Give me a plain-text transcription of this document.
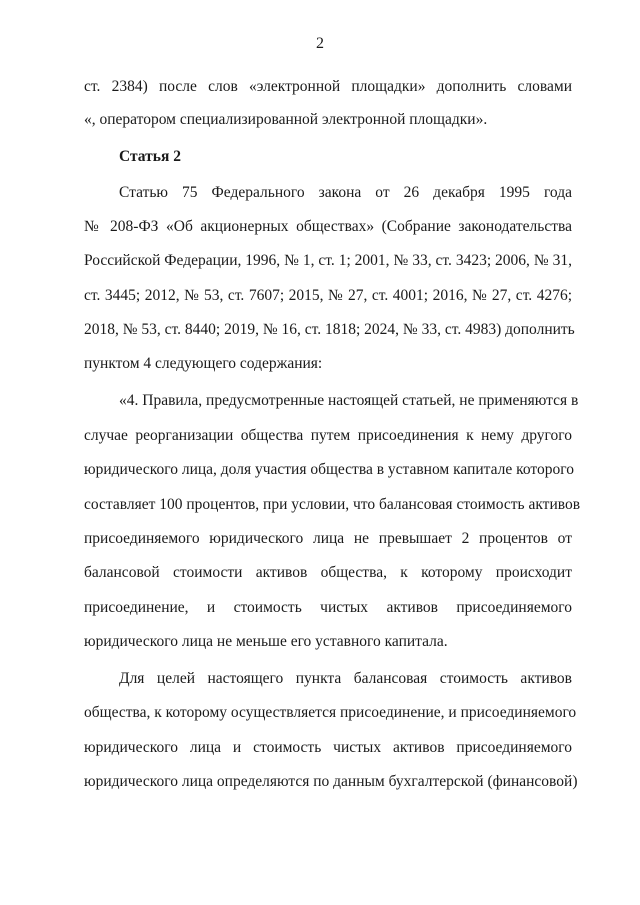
2
ст. 2384) после слов «электронной площадки» дополнить словами
«, оператором специализированной электронной площадки».
Статья 2
Статью 75 Федерального закона от 26 декабря 1995 года
№ 208-ФЗ «Об акционерных обществах» (Собрание законодательства
Российской Федерации, 1996, № 1, ст. 1; 2001, № 33, ст. 3423; 2006, № 31,
ст. 3445; 2012, № 53, ст. 7607; 2015, № 27, ст. 4001; 2016, № 27, ст. 4276;
2018, № 53, ст. 8440; 2019, № 16, ст. 1818; 2024, № 33, ст. 4983) дополнить
пунктом 4 следующего содержания:
«4. Правила, предусмотренные настоящей статьей, не применяются в
случае реорганизации общества путем присоединения к нему другого
юридического лица, доля участия общества в уставном капитале которого
составляет 100 процентов, при условии, что балансовая стоимость активов
присоединяемого юридического лица не превышает 2 процентов от
балансовой стоимости активов общества, к которому происходит
присоединение, и стоимость чистых активов присоединяемого
юридического лица не меньше его уставного капитала.
Для целей настоящего пункта балансовая стоимость активов
общества, к которому осуществляется присоединение, и присоединяемого
юридического лица и стоимость чистых активов присоединяемого
юридического лица определяются по данным бухгалтерской (финансовой)
